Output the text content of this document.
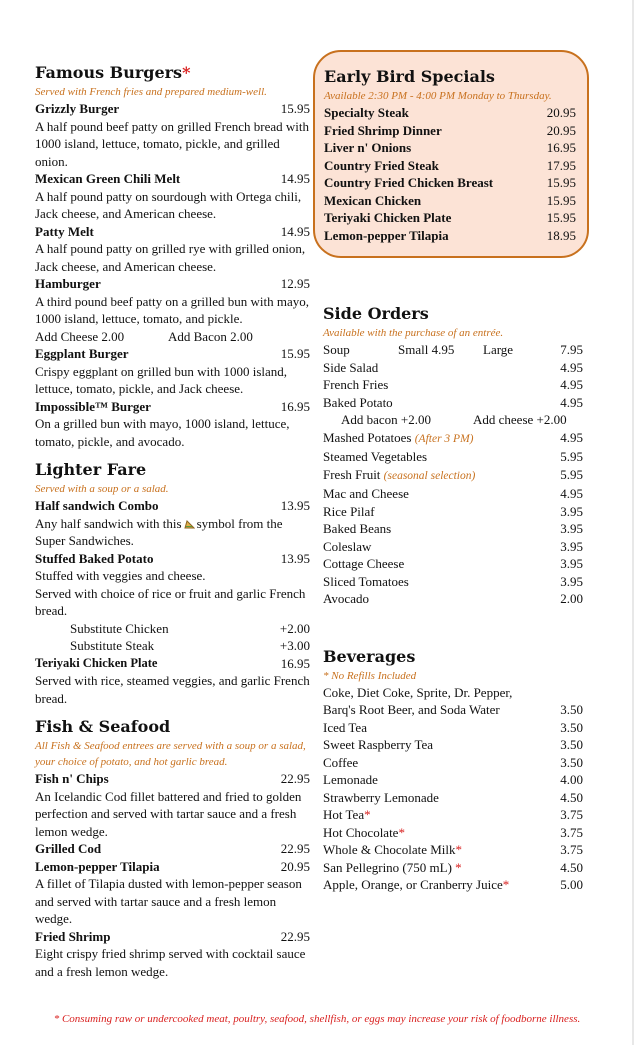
Famous Burgers*
Served with French fries and prepared medium-well.
Grizzly Burger	15.95
A half pound beef patty on grilled French bread with 1000 island, lettuce, tomato, pickle, and grilled onion.
Mexican Green Chili Melt	14.95
A half pound patty on sourdough with Ortega chili, Jack cheese, and American cheese.
Patty Melt	14.95
A half pound patty on grilled rye with grilled onion, Jack cheese, and American cheese.
Hamburger	12.95
A third pound beef patty on a grilled bun with mayo, 1000 island, lettuce, tomato, and pickle.
Add Cheese 2.00	Add Bacon 2.00
Eggplant Burger	15.95
Crispy eggplant on grilled bun with 1000 island, lettuce, tomato, pickle, and Jack cheese.
Impossible™ Burger	16.95
On a grilled bun with mayo, 1000 island, lettuce, tomato, pickle, and avocado.
Lighter Fare
Served with a soup or a salad.
Half sandwich Combo	13.95
Any half sandwich with this symbol from the Super Sandwiches.
Stuffed Baked Potato	13.95
Stuffed with veggies and cheese.
Served with choice of rice or fruit and garlic French bread.
Substitute Chicken	+2.00
Substitute Steak	+3.00
Teriyaki Chicken Plate	16.95
Served with rice, steamed veggies, and garlic French bread.
Fish & Seafood
All Fish & Seafood entrees are served with a soup or a salad, your choice of potato, and hot garlic bread.
Fish n' Chips	22.95
An Icelandic Cod fillet battered and fried to golden perfection and served with tartar sauce and a fresh lemon wedge.
Grilled Cod	22.95
Lemon-pepper Tilapia	20.95
A fillet of Tilapia dusted with lemon-pepper season and served with tartar sauce and a fresh lemon wedge.
Fried Shrimp	22.95
Eight crispy fried shrimp served with cocktail sauce and a fresh lemon wedge.
Early Bird Specials
Available 2:30 PM - 4:00 PM Monday to Thursday.
Specialty Steak	20.95
Fried Shrimp Dinner	20.95
Liver n' Onions	16.95
Country Fried Steak	17.95
Country Fried Chicken Breast	15.95
Mexican Chicken	15.95
Teriyaki Chicken Plate	15.95
Lemon-pepper Tilapia	18.95
Side Orders
Available with the purchase of an entrée.
Soup	Small 4.95	Large	7.95
Side Salad	4.95
French Fries	4.95
Baked Potato	4.95
Add bacon +2.00	Add cheese +2.00
Mashed Potatoes (After 3 PM)	4.95
Steamed Vegetables	5.95
Fresh Fruit (seasonal selection)	5.95
Mac and Cheese	4.95
Rice Pilaf	3.95
Baked Beans	3.95
Coleslaw	3.95
Cottage Cheese	3.95
Sliced Tomatoes	3.95
Avocado	2.00
Beverages
* No Refills Included
Coke, Diet Coke, Sprite, Dr. Pepper,
Barq's Root Beer, and Soda Water	3.50
Iced Tea	3.50
Sweet Raspberry Tea	3.50
Coffee	3.50
Lemonade	4.00
Strawberry Lemonade	4.50
Hot Tea*	3.75
Hot Chocolate*	3.75
Whole & Chocolate Milk*	3.75
San Pellegrino (750 mL) *	4.50
Apple, Orange, or Cranberry Juice*	5.00
* Consuming raw or undercooked meat, poultry, seafood, shellfish, or eggs may increase your risk of foodborne illness.
